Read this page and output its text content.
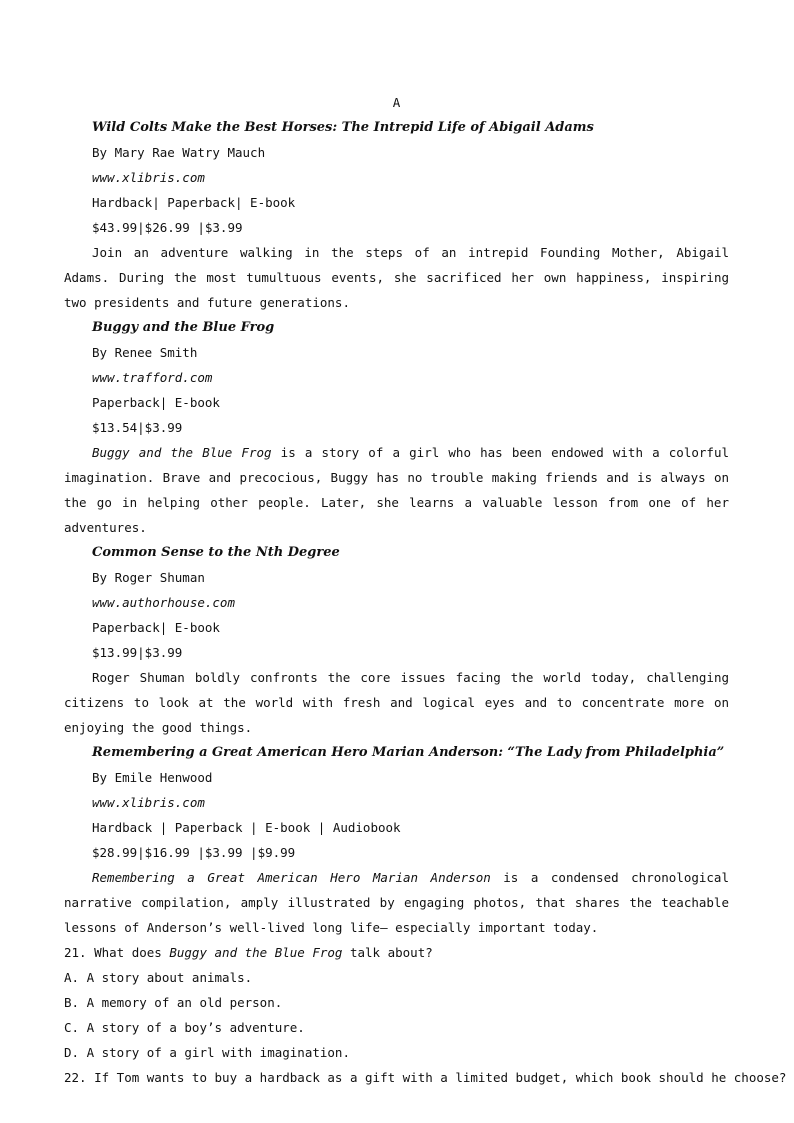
A
Wild Colts Make the Best Horses: The Intrepid Life of Abigail Adams
By Mary Rae Watry Mauch
www.xlibris.com
Hardback| Paperback| E-book
$43.99|$26.99 |$3.99
Join an adventure walking in the steps of an intrepid Founding Mother, Abigail Adams. During the most tumultuous events, she sacrificed her own happiness, inspiring two presidents and future generations.
Buggy and the Blue Frog
By Renee Smith
www.trafford.com
Paperback| E-book
$13.54|$3.99
Buggy and the Blue Frog is a story of a girl who has been endowed with a colorful imagination. Brave and precocious, Buggy has no trouble making friends and is always on the go in helping other people. Later, she learns a valuable lesson from one of her adventures.
Common Sense to the Nth Degree
By Roger Shuman
www.authorhouse.com
Paperback| E-book
$13.99|$3.99
Roger Shuman boldly confronts the core issues facing the world today, challenging citizens to look at the world with fresh and logical eyes and to concentrate more on enjoying the good things.
Remembering a Great American Hero Marian Anderson: “The Lady from Philadelphia”
By Emile Henwood
www.xlibris.com
Hardback | Paperback | E-book | Audiobook
$28.99|$16.99 |$3.99 |$9.99
Remembering a Great American Hero Marian Anderson is a condensed chronological narrative compilation, amply illustrated by engaging photos, that shares the teachable lessons of Anderson’s well-lived long life— especially important today.
21. What does Buggy and the Blue Frog talk about?
A. A story about animals.
B. A memory of an old person.
C. A story of a boy’s adventure.
D. A story of a girl with imagination.
22. If Tom wants to buy a hardback as a gift with a limited budget, which book should he choose?
